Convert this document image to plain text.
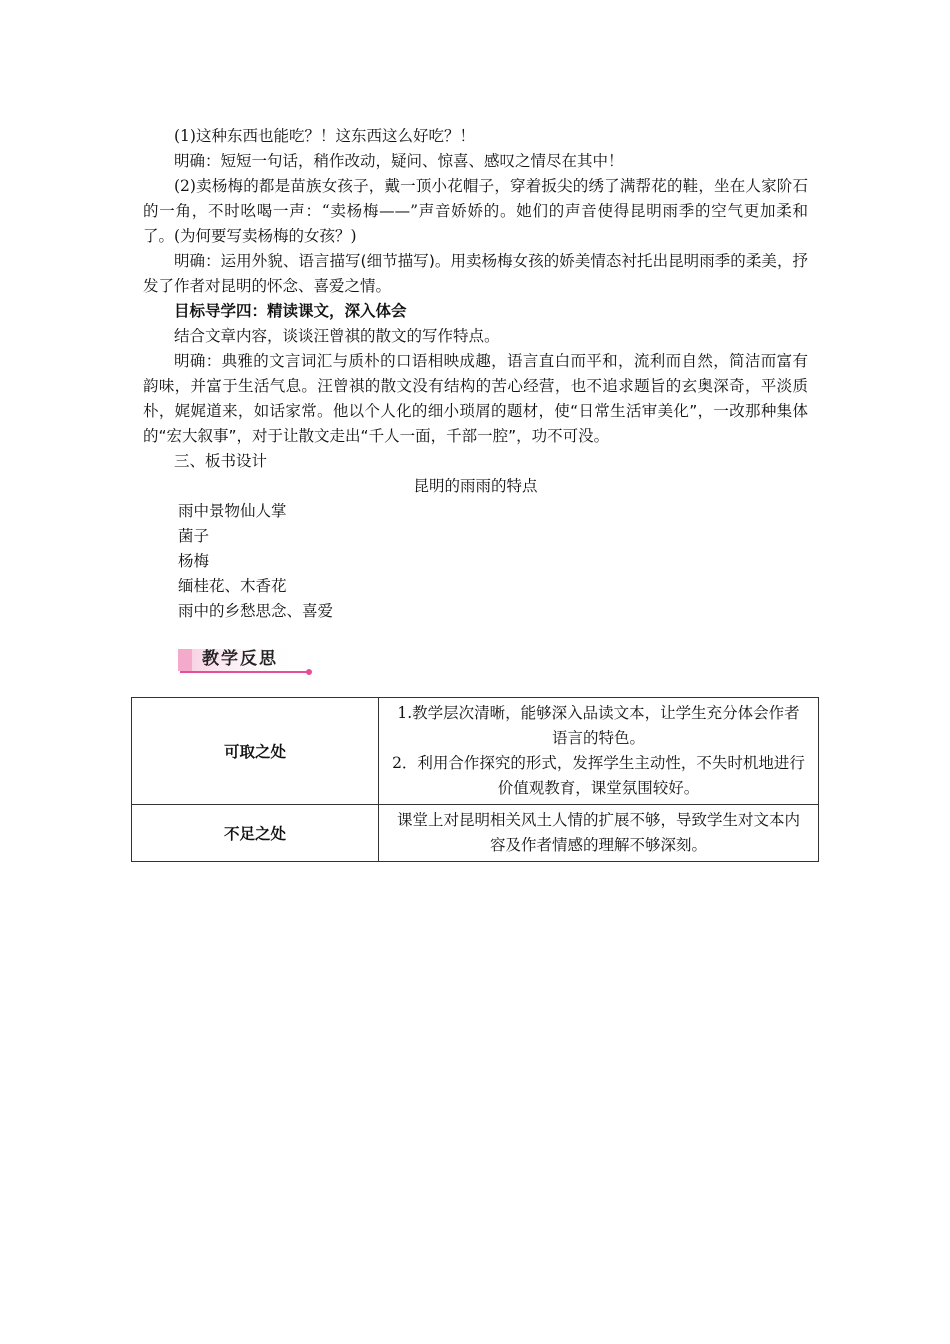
(1)这种东西也能吃？！这东西这么好吃？！

明确：短短一句话，稍作改动，疑问、惊喜、感叹之情尽在其中！

(2)卖杨梅的都是苗族女孩子，戴一顶小花帽子，穿着扳尖的绣了满帮花的鞋，坐在人家阶石的一角，不时吆喝一声：“卖杨梅——”声音娇娇的。她们的声音使得昆明雨季的空气更加柔和了。(为何要写卖杨梅的女孩？)

明确：运用外貌、语言描写(细节描写)。用卖杨梅女孩的娇美情态衬托出昆明雨季的柔美，抒发了作者对昆明的怀念、喜爱之情。

目标导学四：精读课文，深入体会

结合文章内容，谈谈汪曾祺的散文的写作特点。

明确：典雅的文言词汇与质朴的口语相映成趣，语言直白而平和，流利而自然，简洁而富有韵味，并富于生活气息。汪曾祺的散文没有结构的苦心经营，也不追求题旨的玄奥深奇，平淡质朴，娓娓道来，如话家常。他以个人化的细小琐屑的题材，使“日常生活审美化”，一改那种集体的“宏大叙事”，对于让散文走出“千人一面，千部一腔”，功不可没。

三、板书设计

昆明的雨雨的特点

雨中景物仙人掌

菌子

杨梅

缅桂花、木香花

雨中的乡愁思念、喜爱

教学反思
可取之处	1.教学层次清晰，能够深入品读文本，让学生充分体会作者语言的特色。
2．利用合作探究的形式，发挥学生主动性，不失时机地进行价值观教育，课堂氛围较好。

不足之处	课堂上对昆明相关风土人情的扩展不够，导致学生对文本内容及作者情感的理解不够深刻。
